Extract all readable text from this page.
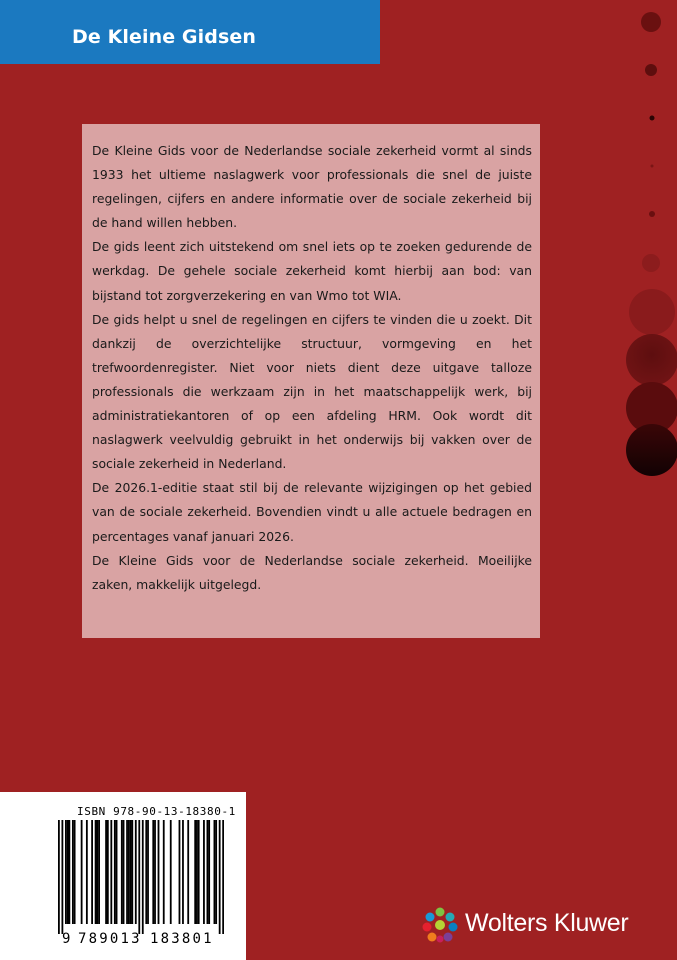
De Kleine Gidsen

De Kleine Gids voor de Nederlandse sociale zekerheid vormt al sinds 1933 het ultieme naslagwerk voor professionals die snel de juiste regelingen, cijfers en andere informatie over de sociale zekerheid bij de hand willen hebben.

De gids leent zich uitstekend om snel iets op te zoeken gedurende de werkdag. De gehele sociale zekerheid komt hierbij aan bod: van bijstand tot zorgverzekering en van Wmo tot WIA.

De gids helpt u snel de regelingen en cijfers te vinden die u zoekt. Dit dankzij de overzichtelijke structuur, vormgeving en het trefwoordenregister. Niet voor niets dient deze uitgave talloze professionals die werkzaam zijn in het maatschappelijk werk, bij administratiekantoren of op een afdeling HRM. Ook wordt dit naslagwerk veelvuldig gebruikt in het onderwijs bij vakken over de sociale zekerheid in Nederland.

De 2026.1-editie staat stil bij de relevante wijzigingen op het gebied van de sociale zekerheid. Bovendien vindt u alle actuele bedragen en percentages vanaf januari 2026.

De Kleine Gids voor de Nederlandse sociale zekerheid. Moeilijke zaken, makkelijk uitgelegd.

ISBN 978-90-13-18380-1
9 789013 183801
Wolters Kluwer
